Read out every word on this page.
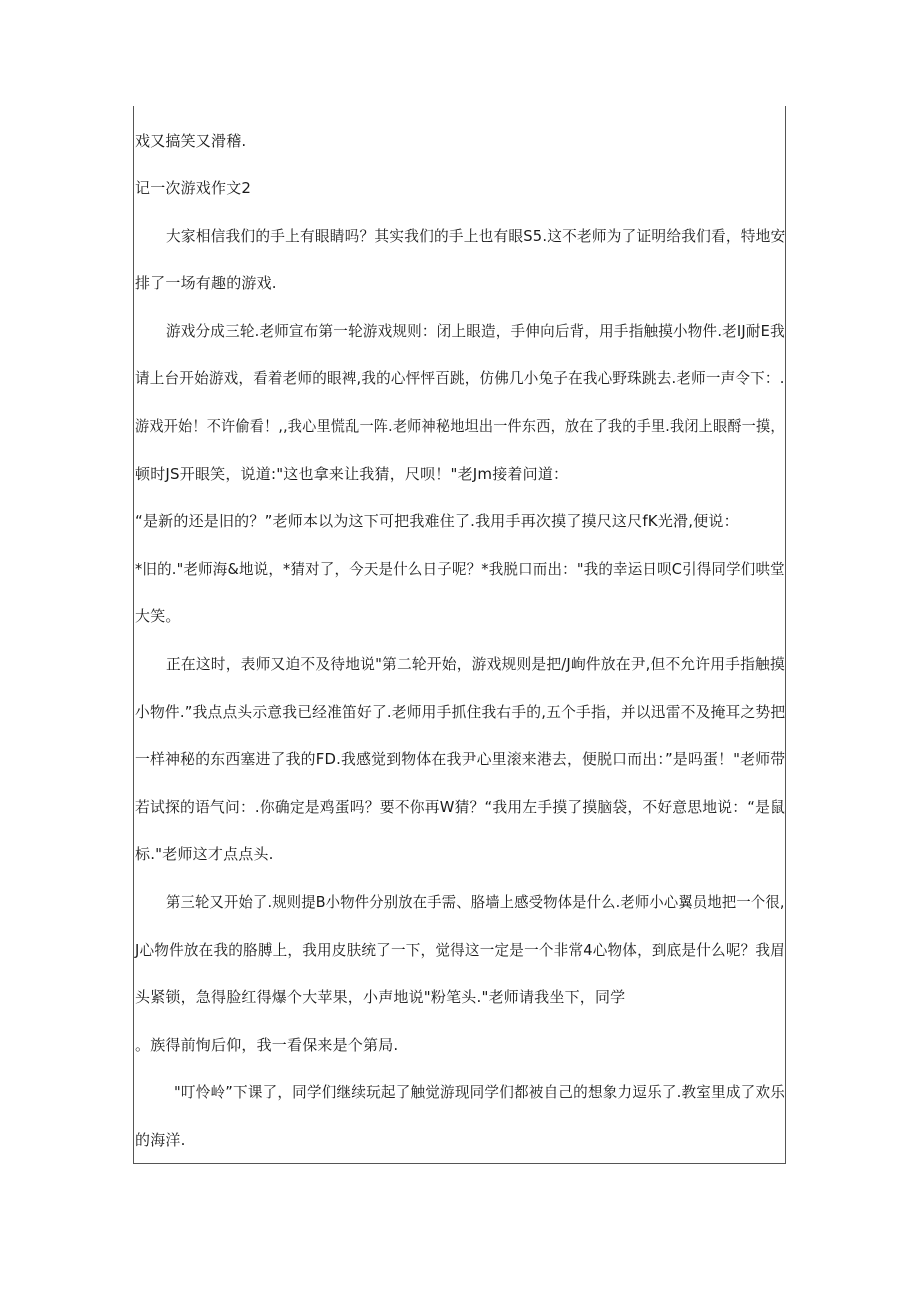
戏又搞笑又滑稽.
记一次游戏作文2
大家相信我们的手上有眼睛吗？其实我们的手上也有眼S5.这不老师为了证明给我们看，特地安
排了一场有趣的游戏.
游戏分成三轮.老师宣布第一轮游戏规则：闭上眼造，手伸向后背，用手指触摸小物件.老IJ耐E我
请上台开始游戏，看着老师的眼裨,我的心怦怦百跳，仿佛几小兔子在我心野珠跳去.老师一声令下：.
游戏开始！不许偷看！,,我心里慌乱一阵.老师神秘地坦出一件东西，放在了我的手里.我闭上眼酹一摸，
顿时JS开眼笑，说道:"这也拿来让我猜，尺呗！"老Jm接着问道：
“是新的还是旧的？”老师本以为这下可把我难住了.我用手再次摸了摸尺这尺fK光滑,便说：
*旧的."老师海&地说，*猜对了，今天是什么日子呢？*我脱口而出："我的幸运日呗C引得同学们哄堂
大笑。
正在这时，表师又迫不及待地说"第二轮开始，游戏规则是把/J峋件放在尹,但不允许用手指触摸
小物件.”我点点头示意我已经准笛好了.老师用手抓住我右手的,五个手指，并以迅雷不及掩耳之势把
一样神秘的东西塞进了我的FD.我感觉到物体在我尹心里滚来港去，便脱口而出：”是吗蛋！"老师带
若试探的语气问：.你确定是鸡蛋吗？要不你再W猜？“我用左手摸了摸脑袋，不好意思地说：“是鼠
标."老师这才点点头.
第三轮又开始了.规则提B小物件分别放在手需、胳墙上感受物体是什么.老师小心翼员地把一个很,
J心物件放在我的胳膊上，我用皮肤统了一下，觉得这一定是一个非常4心物体，到底是什么呢？我眉
头紧锁，急得脸红得爆个大苹果，小声地说"粉笔头."老师请我坐下，同学
。族得前恂后仰，我一看保来是个第局.
"叮怜岭”下课了，同学们继续玩起了触觉游现同学们都被自己的想象力逗乐了.教室里成了欢乐
的海洋.
